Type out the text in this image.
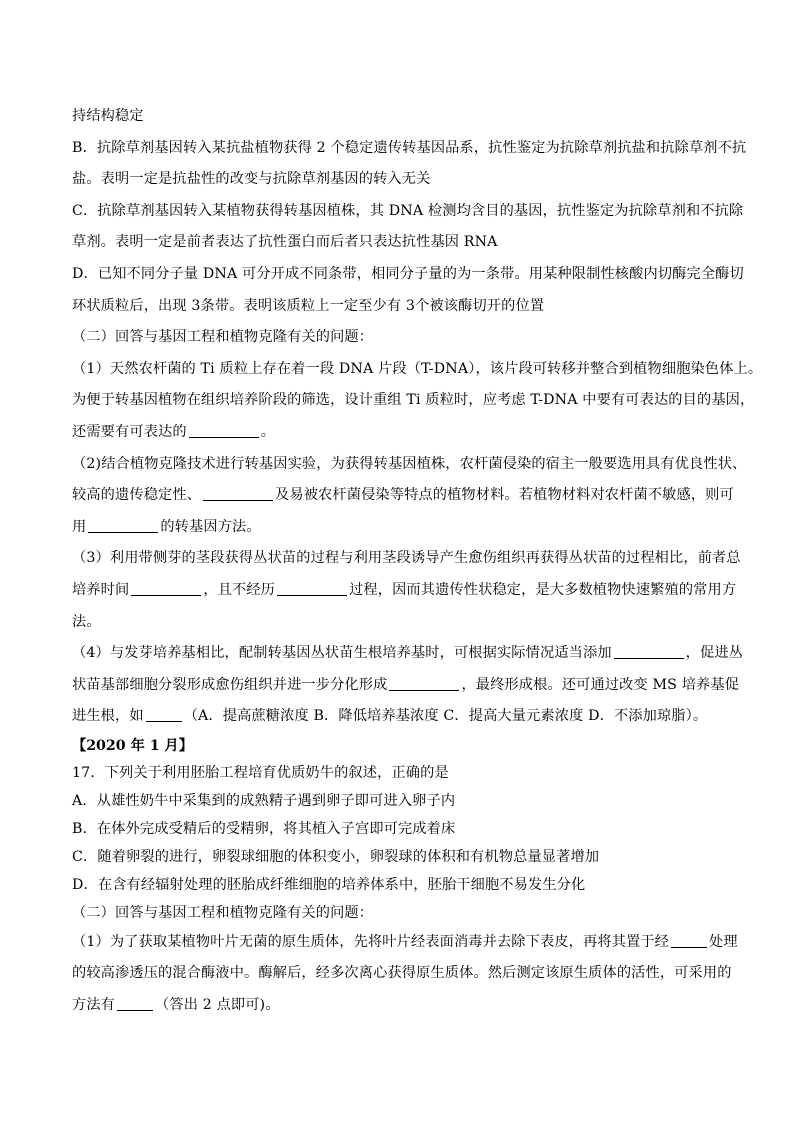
持结构稳定
B．抗除草剂基因转入某抗盐植物获得 2 个稳定遗传转基因品系，抗性鉴定为抗除草剂抗盐和抗除草剂不抗
盐。表明一定是抗盐性的改变与抗除草剂基因的转入无关
C．抗除草剂基因转入某植物获得转基因植株，其 DNA 检测均含目的基因，抗性鉴定为抗除草剂和不抗除
草剂。表明一定是前者表达了抗性蛋白而后者只表达抗性基因 RNA
D．已知不同分子量 DNA 可分开成不同条带，相同分子量的为一条带。用某种限制性核酸内切酶完全酶切
环状质粒后，出现 3条带。表明该质粒上一定至少有 3个被该酶切开的位置
（二）回答与基因工程和植物克隆有关的问题：
（1）天然农杆菌的 Ti 质粒上存在着一段 DNA 片段（T-DNA），该片段可转移并整合到植物细胞染色体上。
为便于转基因植物在组织培养阶段的筛选，设计重组 Ti 质粒时，应考虑 T-DNA 中要有可表达的目的基因，
还需要有可表达的	。
（2)结合植物克隆技术进行转基因实验，为获得转基因植株，农杆菌侵染的宿主一般要选用具有优良性状、
较高的遗传稳定性、	及易被农杆菌侵染等特点的植物材料。若植物材料对农杆菌不敏感，则可
用	的转基因方法。
（3）利用带侧芽的茎段获得丛状苗的过程与利用茎段诱导产生愈伤组织再获得丛状苗的过程相比，前者总
培养时间	，且不经历	过程，因而其遗传性状稳定，是大多数植物快速繁殖的常用方
法。
（4）与发芽培养基相比，配制转基因丛状苗生根培养基时，可根据实际情况适当添加	，促进丛
状苗基部细胞分裂形成愈伤组织并进一步分化形成	，最终形成根。还可通过改变 MS 培养基促
进生根，如	（A．提高蔗糖浓度 B．降低培养基浓度 C．提高大量元素浓度 D．不添加琼脂）。
【2020 年 1 月】
17．下列关于利用胚胎工程培育优质奶牛的叙述，正确的是
A．从雄性奶牛中采集到的成熟精子遇到卵子即可进入卵子内
B．在体外完成受精后的受精卵，将其植入子宫即可完成着床
C．随着卵裂的进行，卵裂球细胞的体积变小，卵裂球的体积和有机物总量显著增加
D．在含有经辐射处理的胚胎成纤维细胞的培养体系中，胚胎干细胞不易发生分化
（二）回答与基因工程和植物克隆有关的问题：
（1）为了获取某植物叶片无菌的原生质体，先将叶片经表面消毒并去除下表皮，再将其置于经	处理
的较高渗透压的混合酶液中。酶解后，经多次离心获得原生质体。然后测定该原生质体的活性，可采用的
方法有	（答出 2 点即可)。
